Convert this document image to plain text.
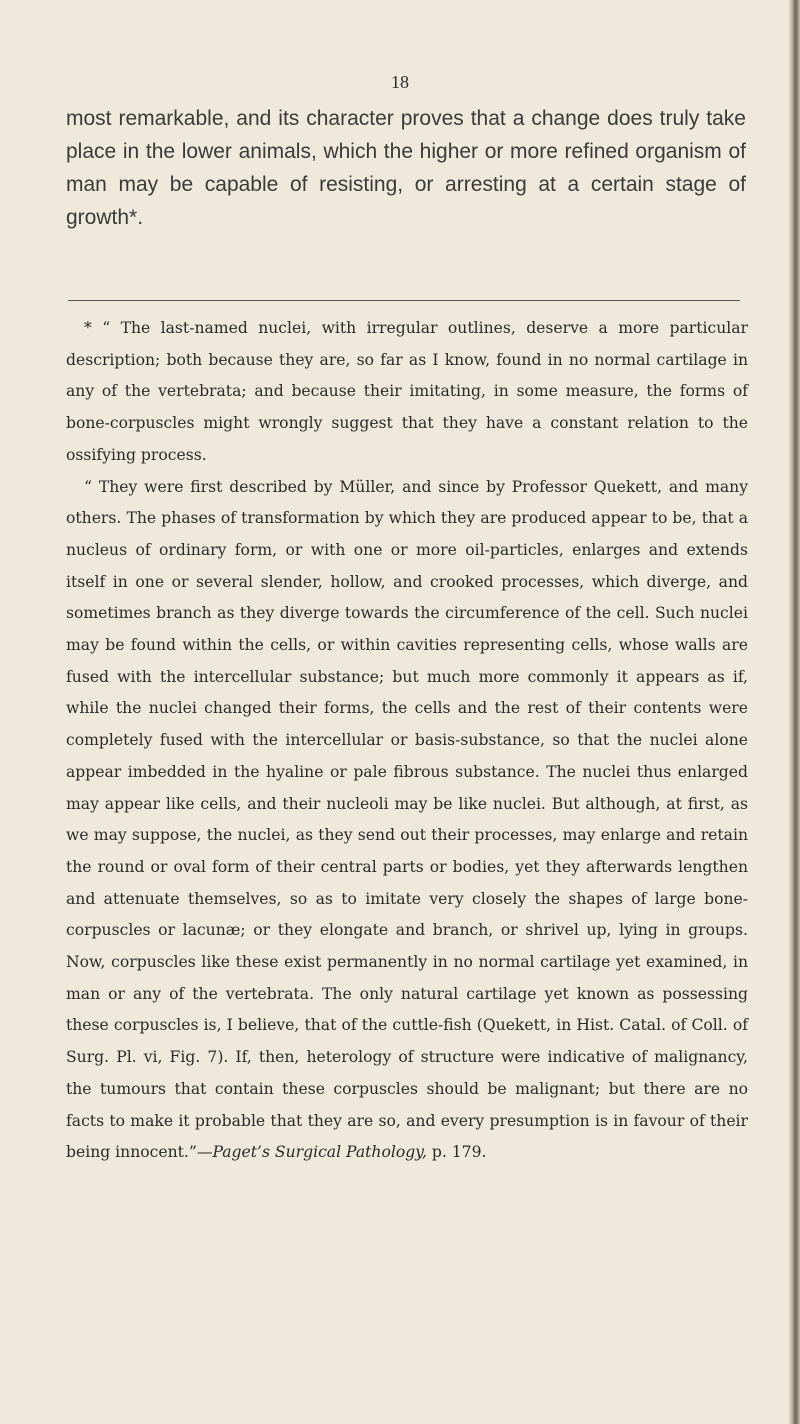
18

most remarkable, and its character proves that a change does truly take place in the lower animals, which the higher or more refined organism of man may be capable of resisting, or arresting at a certain stage of growth*.

* “ The last-named nuclei, with irregular outlines, deserve a more particular description; both because they are, so far as I know, found in no normal cartilage in any of the vertebrata; and because their imitating, in some measure, the forms of bone-corpuscles might wrongly suggest that they have a constant relation to the ossifying process.

“ They were first described by Müller, and since by Professor Quekett, and many others. The phases of transformation by which they are produced appear to be, that a nucleus of ordinary form, or with one or more oil-particles, enlarges and extends itself in one or several slender, hollow, and crooked processes, which diverge, and sometimes branch as they diverge towards the circumference of the cell. Such nuclei may be found within the cells, or within cavities representing cells, whose walls are fused with the intercellular substance; but much more commonly it appears as if, while the nuclei changed their forms, the cells and the rest of their contents were completely fused with the intercellular or basis-substance, so that the nuclei alone appear imbedded in the hyaline or pale fibrous substance. The nuclei thus enlarged may appear like cells, and their nucleoli may be like nuclei. But although, at first, as we may suppose, the nuclei, as they send out their processes, may enlarge and retain the round or oval form of their central parts or bodies, yet they afterwards lengthen and attenuate themselves, so as to imitate very closely the shapes of large bone-corpuscles or lacunæ; or they elongate and branch, or shrivel up, lying in groups. Now, corpuscles like these exist permanently in no normal cartilage yet examined, in man or any of the vertebrata. The only natural cartilage yet known as possessing these corpuscles is, I believe, that of the cuttle-fish (Quekett, in Hist. Catal. of Coll. of Surg. Pl. vi, Fig. 7). If, then, heterology of structure were indicative of malignancy, the tumours that contain these corpuscles should be malignant; but there are no facts to make it probable that they are so, and every presumption is in favour of their being innocent.”—Paget’s Surgical Pathology, p. 179.
